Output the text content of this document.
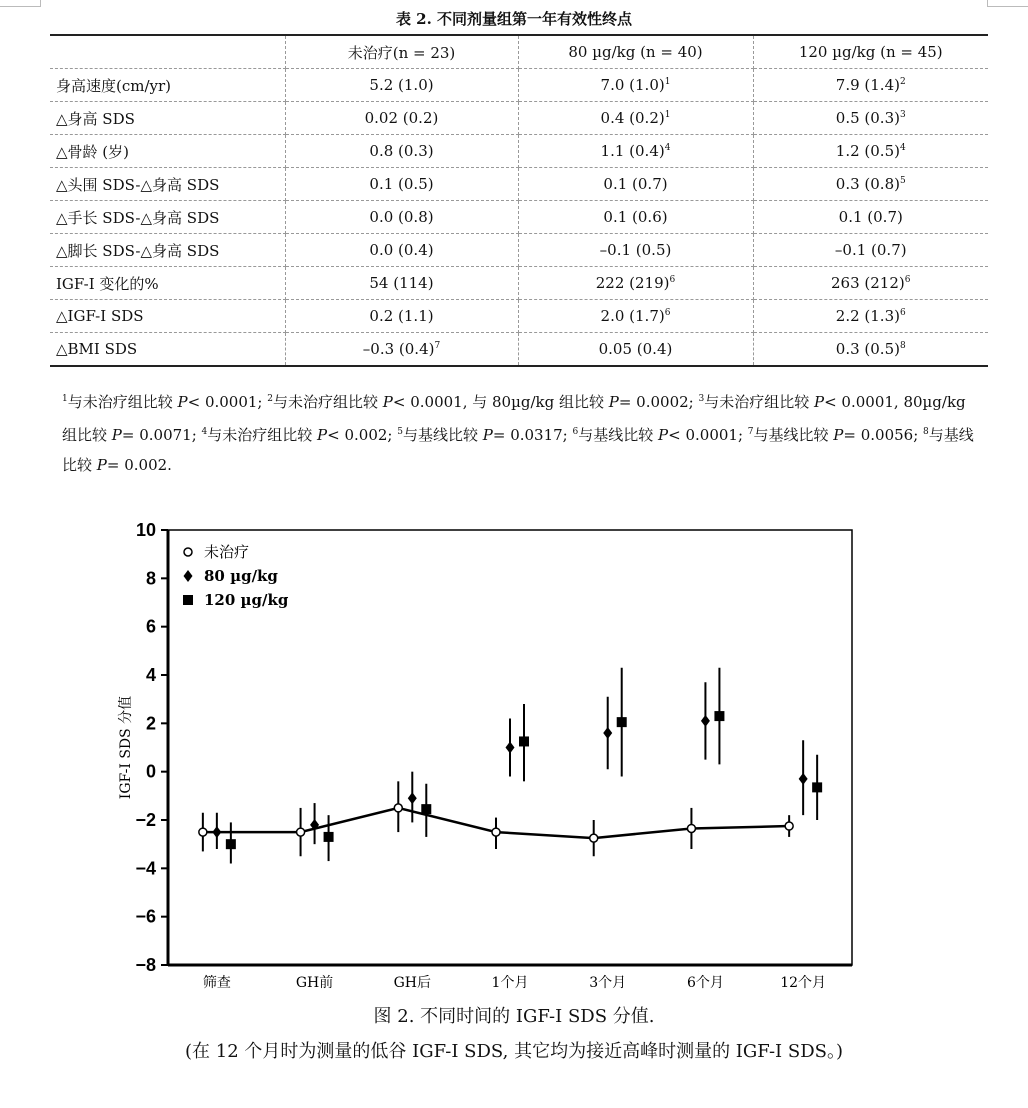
表 2. 不同剂量组第一年有效性终点
	未治疗(n = 23)	80 µg/kg (n = 40)	120 µg/kg (n = 45)
身高速度(cm/yr)	5.2 (1.0)	7.0 $(1.0)^1$	7.9 $(1.4)^2$
△身高 SDS	0.02 (0.2)	0.4 $(0.2)^1$	0.5 $(0.3)^3$
△骨龄 (岁)	0.8 (0.3)	1.1 $(0.4)^4$	1.2 $(0.5)^4$
△头围 SDS-△身高 SDS	0.1 (0.5)	0.1 (0.7)	0.3 $(0.8)^5$
△手长 SDS-△身高 SDS	0.0 (0.8)	0.1 (0.6)	0.1 (0.7)
△脚长 SDS-△身高 SDS	0.0 (0.4)	–0.1 (0.5)	–0.1 (0.7)
IGF-I 变化的%	54 (114)	222 $(219)^6$	263 $(212)^6$
△IGF-I SDS	0.2 (1.1)	2.0 $(1.7)^6$	2.2 $(1.3)^6$
△BMI SDS	–0.3 $(0.4)^7$	0.05 (0.4)	0.3 $(0.5)^8$
$^1$与未治疗组比较 P< 0.0001; $^2$与未治疗组比较 P< 0.0001, 与 80µg/kg 组比较 P= 0.0002; $^3$与未治疗组比较 P< 0.0001, 80µg/kg 组比较 P= 0.0071; $^4$与未治疗组比较 P< 0.002; $^5$与基线比较 P= 0.0317; $^6$与基线比较 P< 0.0001; $^7$与基线比较 P= 0.0056; $^8$与基线比较 P= 0.002.
−8
−6
−4
−2
0
2
4
6
8
10
筛查	GH前	GH后	1个月	3个月	6个月	12个月
IGF-I SDS 分值
未治疗
80 µg/kg
120 µg/kg
图 2. 不同时间的 IGF-I SDS 分值.
(在 12 个月时为测量的低谷 IGF-I SDS, 其它均为接近高峰时测量的 IGF-I SDS。)
